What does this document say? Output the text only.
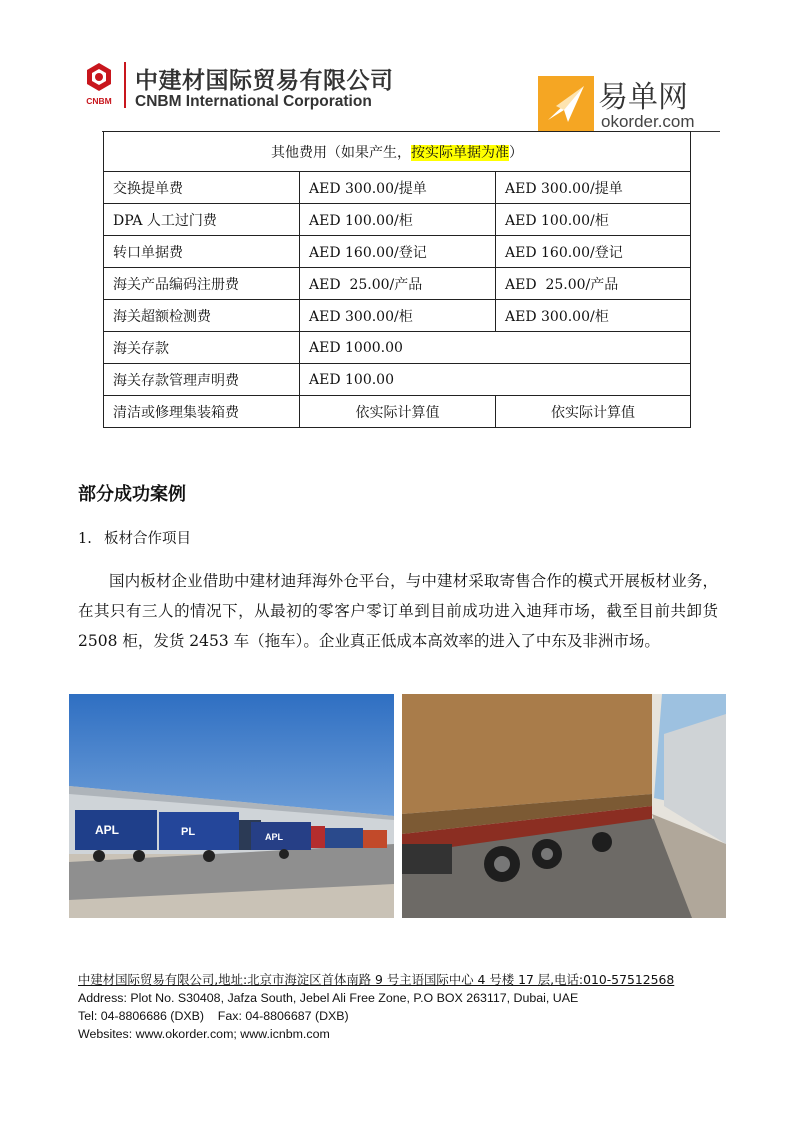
CNBM
中建材国际贸易有限公司
CNBM International Corporation	易单网
okorder.com
其他费用（如果产生，按实际单据为准）		
交换提单费	AED 300.00/提单	AED 300.00/提单
DPA 人工过门费	AED 100.00/柜	AED 100.00/柜
转口单据费	AED 160.00/登记	AED 160.00/登记
海关产品编码注册费	AED  25.00/产品	AED  25.00/产品
海关超额检测费	AED 300.00/柜	AED 300.00/柜
海关存款	AED 1000.00	
海关存款管理声明费	AED 100.00	
清洁或修理集装箱费	依实际计算值	依实际计算值
部分成功案例
1. 板材合作项目

国内板材企业借助中建材迪拜海外仓平台，与中建材采取寄售合作的模式开展板材业务，在其只有三人的情况下，从最初的零客户零订单到目前成功进入迪拜市场，截至目前共卸货 2508 柜，发货 2453 车（拖车）。企业真正低成本高效率的进入了中东及非洲市场。

APL	PL	APL
中建材国际贸易有限公司,地址:北京市海淀区首体南路 9 号主语国际中心 4 号楼 17 层,电话:010-57512568
Address: Plot No. S30408, Jafza South, Jebel Ali Free Zone, P.O BOX 263117, Dubai, UAE
Tel: 04-8806686 (DXB)    Fax: 04-8806687 (DXB)
Websites: www.okorder.com; www.icnbm.com
